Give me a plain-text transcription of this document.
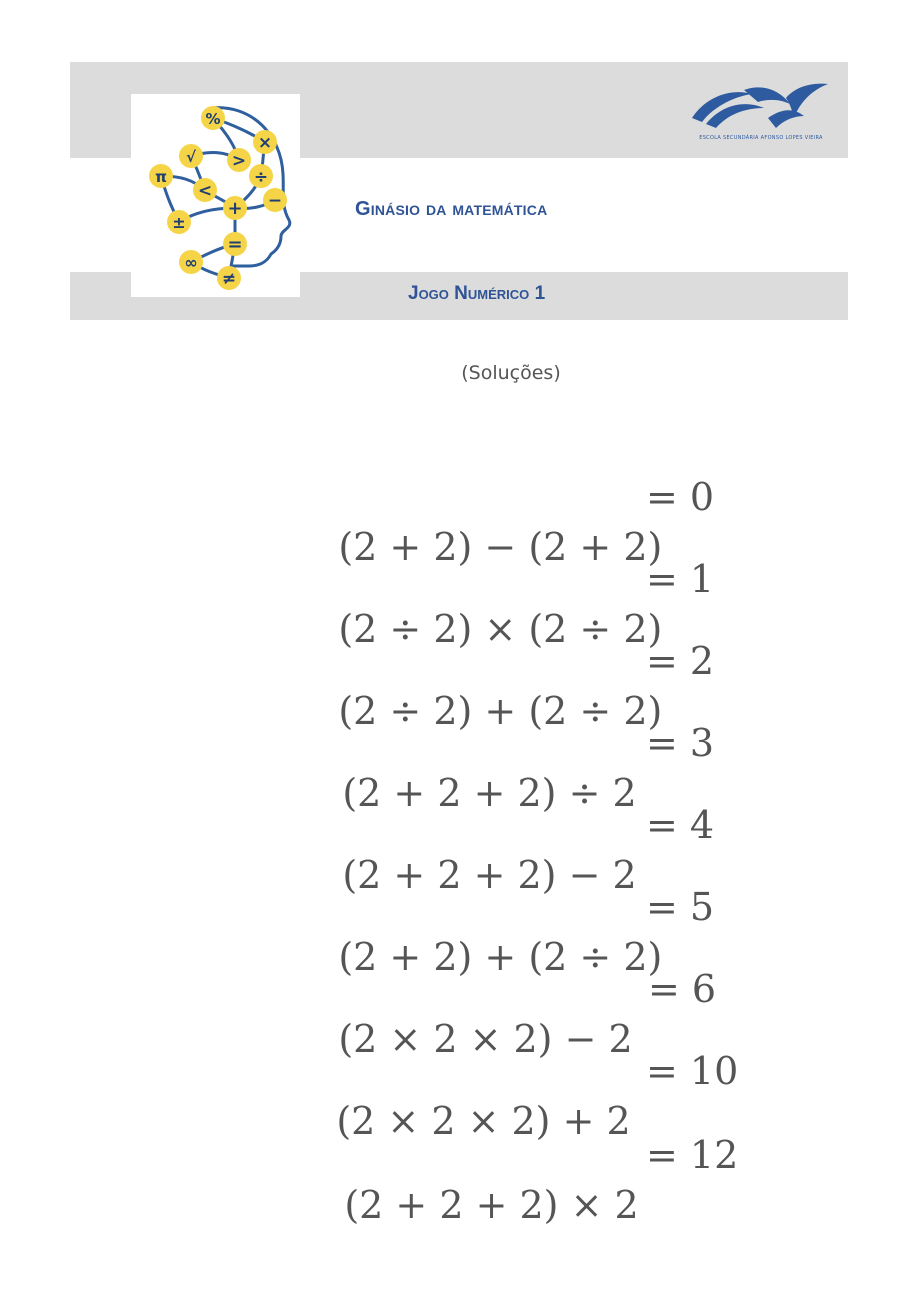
%
×
√ >
π	÷
<	−
+
±
=
∞
≠
ESCOLA SECUNDÁRIA AFONSO LOPES VIEIRA
Ginásio da matemática
Jogo Numérico 1
(Soluções)

(2 + 2) − (2 + 2)
= 0

(2 ÷ 2) × (2 ÷ 2)
= 1

(2 ÷ 2) + (2 ÷ 2)
= 2

(2 + 2 + 2) ÷ 2
= 3

(2 + 2 + 2) − 2
= 4

(2 + 2) + (2 ÷ 2)
= 5

(2 × 2 × 2) − 2
= 6

(2 × 2 × 2) + 2
= 10

(2 + 2 + 2) × 2
= 12
